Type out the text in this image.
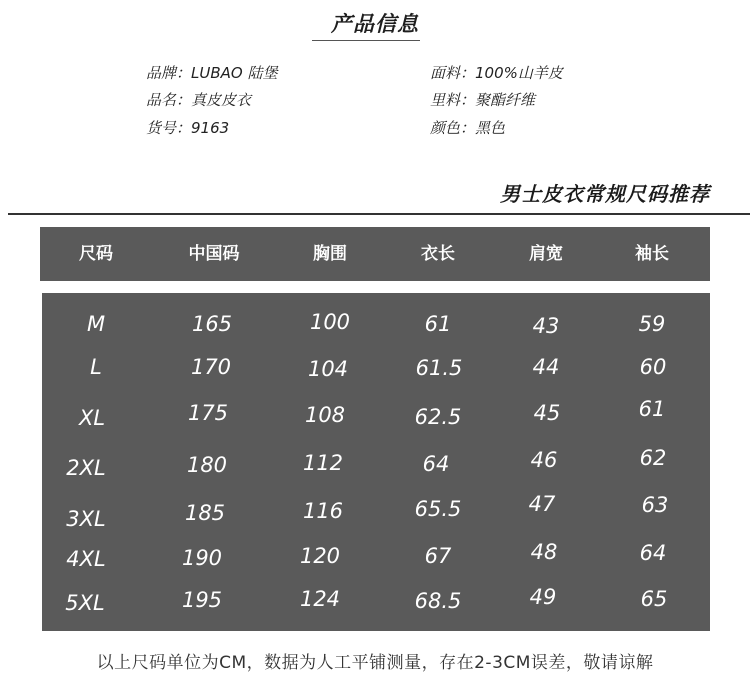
产品信息
品牌：LUBAO 陆堡
品名：真皮皮衣
货号：9163
面料：100%山羊皮
里料：聚酯纤维
颜色：黑色
男士皮衣常规尺码推荐
尺码	中国码	胸围	衣长	肩宽	袖长
M	165	100	61	43	59
L	170	104	61.5	44	60
XL	175	108	62.5	45	61
2XL	180	112	64	46	62
3XL	185	116	65.5	47	63
4XL	190	120	67	48	64
5XL	195	124	68.5	49	65
以上尺码单位为CM，数据为人工平铺测量，存在2-3CM误差，敬请谅解
